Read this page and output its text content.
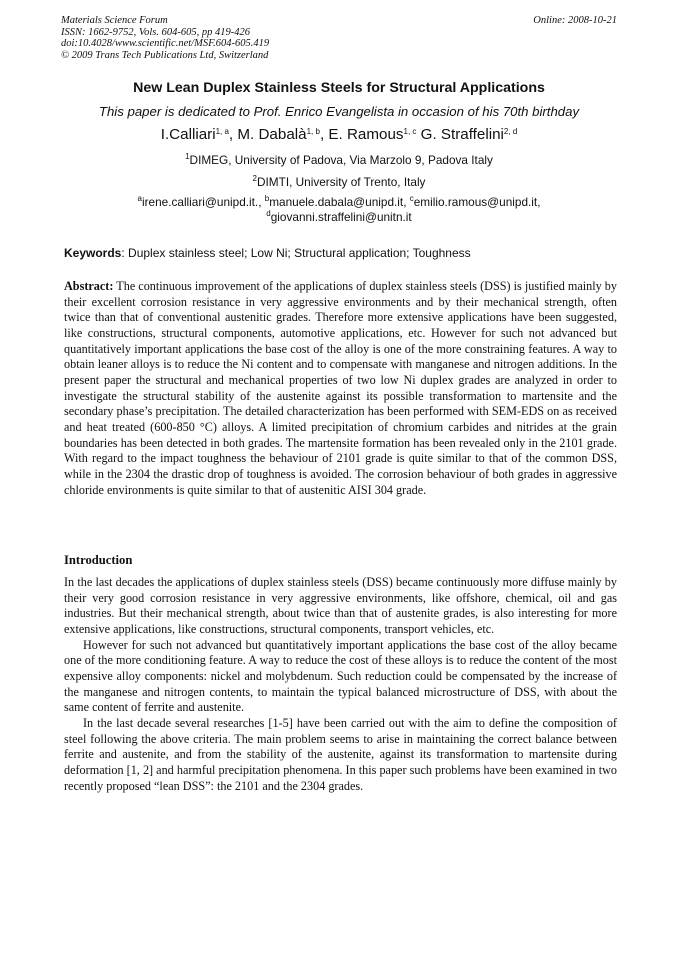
Materials Science Forum
ISSN: 1662-9752, Vols. 604-605, pp 419-426
doi:10.4028/www.scientific.net/MSF.604-605.419
© 2009 Trans Tech Publications Ltd, Switzerland
Online: 2008-10-21
New Lean Duplex Stainless Steels for Structural Applications
This paper is dedicated to Prof. Enrico Evangelista in occasion of his 70th birthday
I.Calliari$^{1, a}$, M. Dabalà$^{1, b}$, E. Ramous$^{1, c}$ G. Straffelini$^{2, d}$
$^1$DIMEG, University of Padova, Via Marzolo 9, Padova Italy
$^2$DIMTI, University of Trento, Italy
$^a$irene.calliari@unipd.it., $^b$manuele.dabala@unipd.it, $^c$emilio.ramous@unipd.it,
$^d$giovanni.straffelini@unitn.it
Keywords: Duplex stainless steel; Low Ni; Structural application; Toughness
Abstract: The continuous improvement of the applications of duplex stainless steels (DSS) is justified mainly by their excellent corrosion resistance in very aggressive environments and by their mechanical strength, often twice than that of conventional austenitic grades. Therefore more extensive applications have been suggested, like constructions, structural components, automotive applications, etc. However for such not advanced but quantitatively important applications the base cost of the alloy is one of the more constraining features. A way to obtain leaner alloys is to reduce the Ni content and to compensate with manganese and nitrogen additions. In the present paper the structural and mechanical properties of two low Ni duplex grades are analyzed in order to investigate the structural stability of the austenite against its possible transformation to martensite and the secondary phase’s precipitation. The detailed characterization has been performed with SEM-EDS on as received and heat treated (600-850 °C) alloys. A limited precipitation of chromium carbides and nitrides at the grain boundaries has been detected in both grades. The martensite formation has been revealed only in the 2101 grade. With regard to the impact toughness the behaviour of 2101 grade is quite similar to that of the common DSS, while in the 2304 the drastic drop of toughness is avoided. The corrosion behaviour of both grades in aggressive chloride environments is quite similar to that of austenitic AISI 304 grade.
Introduction

In the last decades the applications of duplex stainless steels (DSS) became continuously more diffuse mainly by their very good corrosion resistance in very aggressive environments, like offshore, chemical, oil and gas industries. But their mechanical strength, about twice than that of austenite grades, is also interesting for more extensive applications, like constructions, structural components, transport vehicles, etc.

However for such not advanced but quantitatively important applications the base cost of the alloy became one of the more conditioning feature. A way to reduce the cost of these alloys is to reduce the content of the most expensive alloy components: nickel and molybdenum. Such reduction could be compensated by the increase of the manganese and nitrogen contents, to maintain the typical balanced microstructure of DSS, with about the same content of ferrite and austenite.

In the last decade several researches [1-5] have been carried out with the aim to define the composition of steel following the above criteria. The main problem seems to arise in maintaining the correct balance between ferrite and austenite, and from the stability of the austenite, against its transformation to martensite during deformation [1, 2] and harmful precipitation phenomena. In this paper such problems have been examined in two recently proposed “lean DSS”: the 2101 and the 2304 grades.
